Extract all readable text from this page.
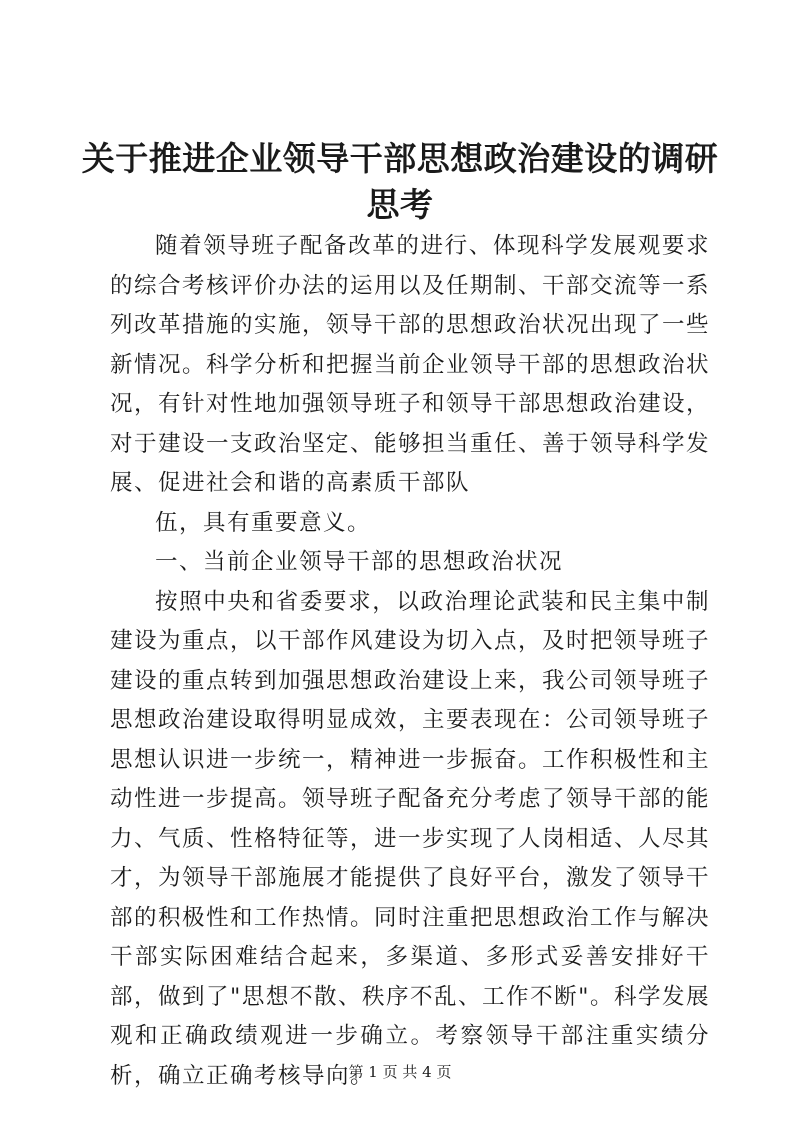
关于推进企业领导干部思想政治建设的调研思考

随着领导班子配备改革的进行、体现科学发展观要求的综合考核评价办法的运用以及任期制、干部交流等一系列改革措施的实施，领导干部的思想政治状况出现了一些新情况。科学分析和把握当前企业领导干部的思想政治状况，有针对性地加强领导班子和领导干部思想政治建设，对于建设一支政治坚定、能够担当重任、善于领导科学发展、促进社会和谐的高素质干部队

伍，具有重要意义。

一、当前企业领导干部的思想政治状况

按照中央和省委要求，以政治理论武装和民主集中制建设为重点，以干部作风建设为切入点，及时把领导班子建设的重点转到加强思想政治建设上来，我公司领导班子思想政治建设取得明显成效，主要表现在：公司领导班子思想认识进一步统一，精神进一步振奋。工作积极性和主动性进一步提高。领导班子配备充分考虑了领导干部的能力、气质、性格特征等，进一步实现了人岗相适、人尽其才，为领导干部施展才能提供了良好平台，激发了领导干部的积极性和工作热情。同时注重把思想政治工作与解决干部实际困难结合起来，多渠道、多形式妥善安排好干部，做到了"思想不散、秩序不乱、工作不断"。科学发展观和正确政绩观进一步确立。考察领导干部注重实绩分析，确立正确考核导向。

第 1 页 共 4 页
